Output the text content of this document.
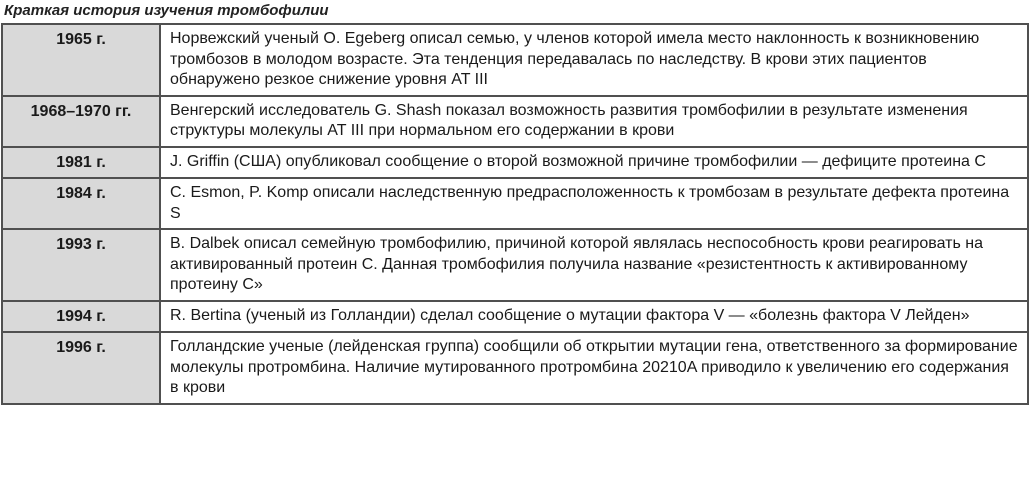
Краткая история изучения тромбофилии
1965 г.	Норвежский ученый O. Egeberg описал семью, у членов которой имела место наклонность к возникновению тромбозов в молодом возрасте. Эта тенденция передавалась по наследству. В крови этих пациентов обнаружено резкое снижение уровня AT III
1968–1970 гг.	Венгерский исследователь G. Shash показал возможность развития тромбофилии в результате изменения структуры молекулы AT III при нормальном его содержании в крови
1981 г.	J. Griffin (США) опубликовал сообщение о второй возможной причине тромбофилии — дефиците протеина C
1984 г.	C. Esmon, P. Komp описали наследственную предрасположенность к тромбозам в результате дефекта протеина S
1993 г.	B. Dalbek описал семейную тромбофилию, причиной которой являлась неспособность крови реагировать на активированный протеин C. Данная тромбофилия получила название «резистентность к активированному протеину C»
1994 г.	R. Bertina (ученый из Голландии) сделал сообщение о мутации фактора V — «болезнь фактора V Лейден»
1996 г.	Голландские ученые (лейденская группа) сообщили об открытии мутации гена, ответственного за формирование молекулы протромбина. Наличие мутированного протромбина 20210A приводило к увеличению его содержания в крови
